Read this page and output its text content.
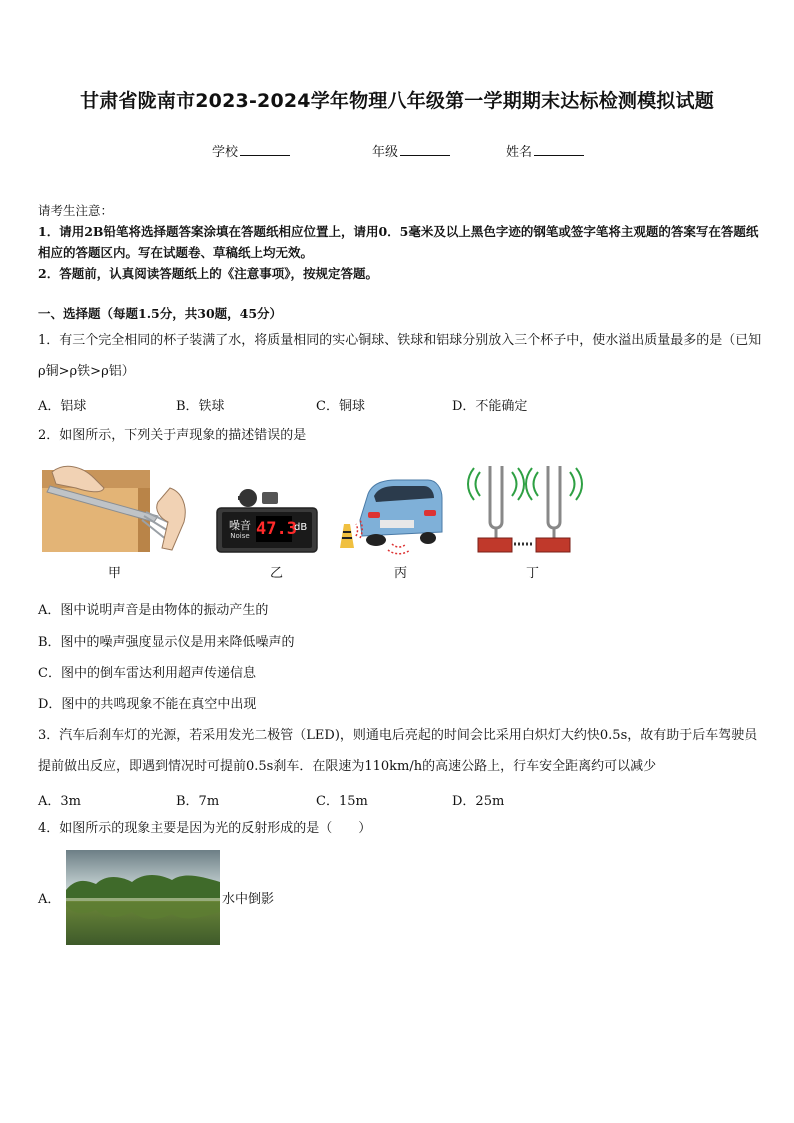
甘肃省陇南市2023-2024学年物理八年级第一学期期末达标检测模拟试题
学校	年级	姓名
请考生注意：
1．请用2B铅笔将选择题答案涂填在答题纸相应位置上，请用0．5毫米及以上黑色字迹的钢笔或签字笔将主观题的答案写在答题纸相应的答题区内。写在试题卷、草稿纸上均无效。
2．答题前，认真阅读答题纸上的《注意事项》，按规定答题。
一、选择题（每题1.5分，共30题，45分）
1．有三个完全相同的杯子装满了水，将质量相同的实心铜球、铁球和铝球分别放入三个杯子中，使水溢出质量最多的是（已知ρ铜>ρ铁>ρ铝）
A．铝球	B．铁球	C．铜球	D．不能确定
2．如图所示，下列关于声现象的描述错误的是
甲
噪音
Noise 47.3
dB
乙	丙	丁
A．图中说明声音是由物体的振动产生的
B．图中的噪声强度显示仪是用来降低噪声的
C．图中的倒车雷达利用超声传递信息
D．图中的共鸣现象不能在真空中出现
3．汽车后刹车灯的光源，若采用发光二极管（LED)，则通电后亮起的时间会比采用白炽灯大约快0.5s，故有助于后车驾驶员提前做出反应，即遇到情况时可提前0.5s刹车．在限速为110km/h的高速公路上，行车安全距离约可以减少
A．3m	B．7m	C．15m	D．25m
4．如图所示的现象主要是因为光的反射形成的是（　　）
A．	水中倒影
